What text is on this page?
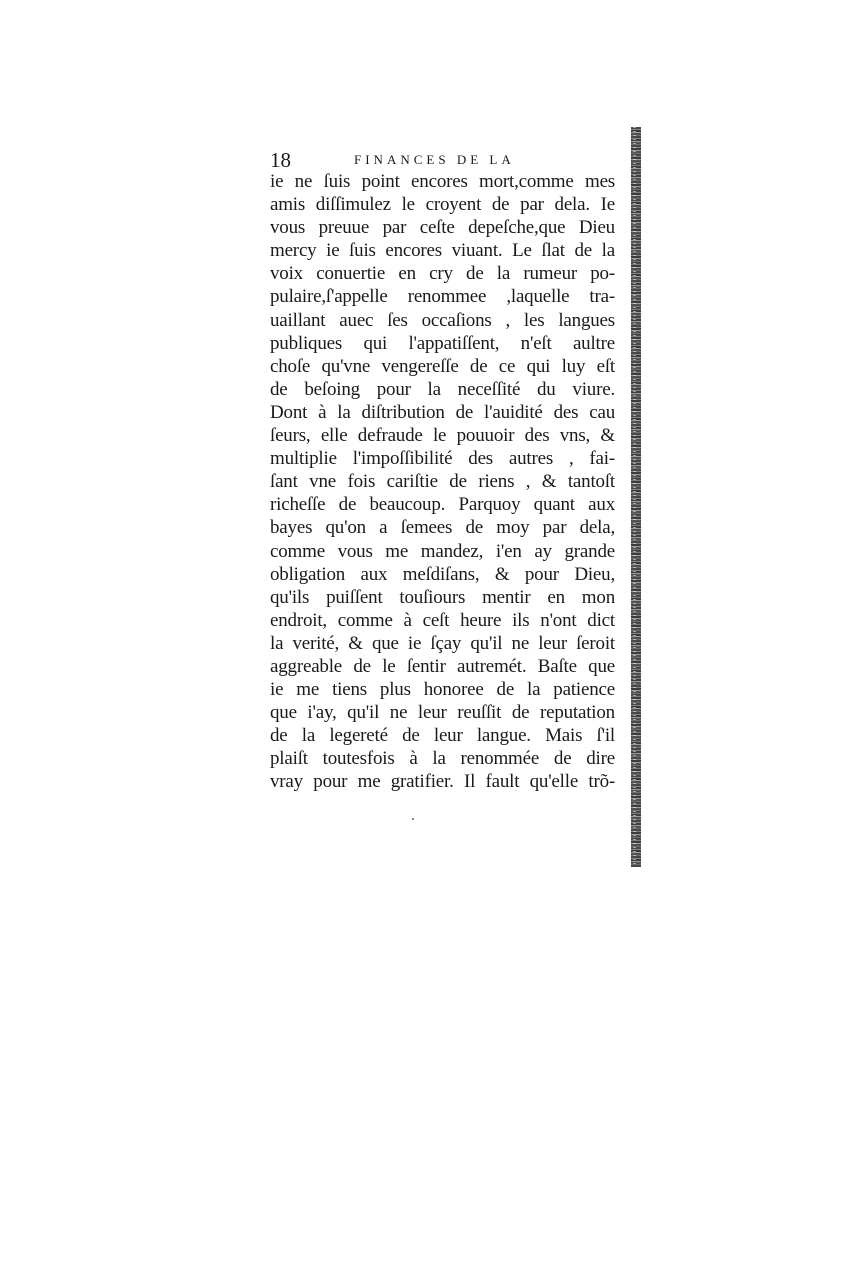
18	FINANCES DE LA
ie ne ſuis point encores mort,comme mes
amis diſſimulez le croyent de par dela. Ie
vous preuue par ceſte depeſche,que Dieu
mercy ie ſuis encores viuant. Le ſlat de la
voix conuertie en cry de la rumeur po-
pulaire,ſ'appelle renommee ,laquelle tra-
uaillant auec ſes occaſions , les langues
publiques qui l'appatiſſent, n'eſt aultre
choſe qu'vne vengereſſe de ce qui luy eſt
de beſoing pour la neceſſité du viure.
Dont à la diſtribution de l'auidité des cau
ſeurs, elle defraude le pouuoir des vns, &
multiplie l'impoſſibilité des autres , fai-
ſant vne fois cariſtie de riens , & tantoſt
richeſſe de beaucoup. Parquoy quant aux
bayes qu'on a ſemees de moy par dela,
comme vous me mandez, i'en ay grande
obligation aux meſdiſans, & pour Dieu,
qu'ils puiſſent touſiours mentir en mon
endroit, comme à ceſt heure ils n'ont dict
la verité, & que ie ſçay qu'il ne leur ſeroit
aggreable de le ſentir autremét. Baſte que
ie me tiens plus honoree de la patience
que i'ay, qu'il ne leur reuſſit de reputation
de la legereté de leur langue. Mais ſ'il
plaiſt toutesfois à la renommée de dire
vray pour me gratifier. Il fault qu'elle trõ-
